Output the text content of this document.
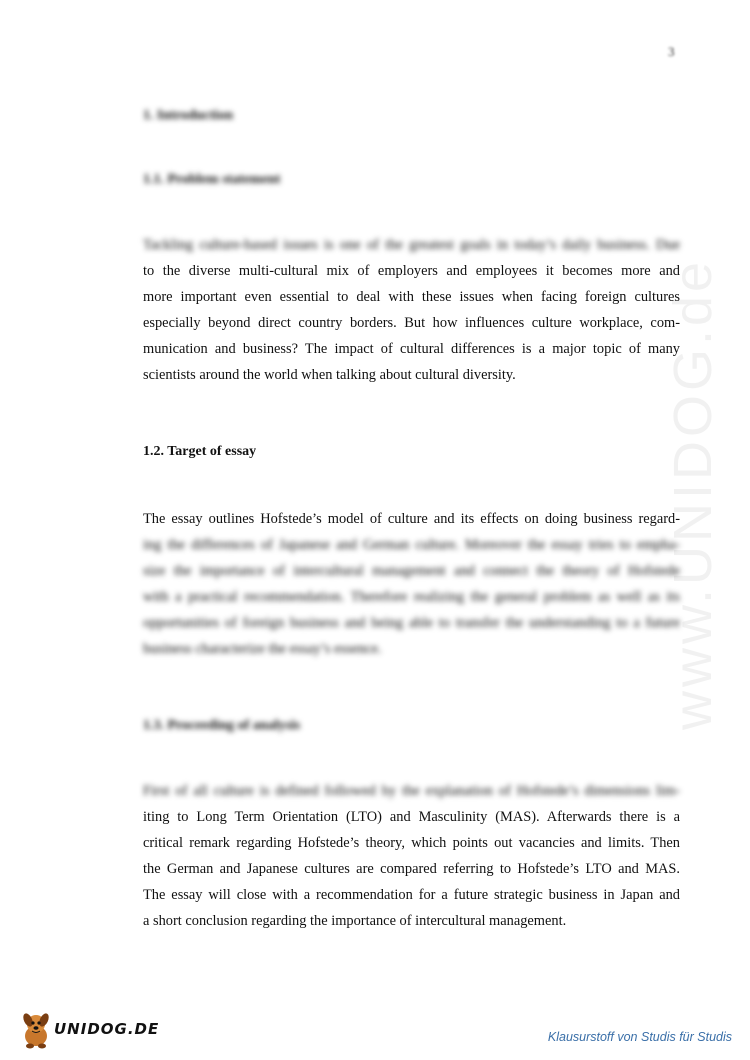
3
www.UNIDOG.de
1. Introduction
1.1. Problem statement
Tackling culture-based issues is one of the greatest goals in today’s daily business. Due
to the diverse multi-cultural mix of employers and employees it becomes more and
more important even essential to deal with these issues when facing foreign cultures
especially beyond direct country borders. But how influences culture workplace, com-
munication and business? The impact of cultural differences is a major topic of many
scientists around the world when talking about cultural diversity.
1.2. Target of essay
The essay outlines Hofstede’s model of culture and its effects on doing business regard-
ing the differences of Japanese and German culture. Moreover the essay tries to empha-
size the importance of intercultural management and connect the theory of Hofstede
with a practical recommendation. Therefore realizing the general problem as well as its
opportunities of foreign business and being able to transfer the understanding to a future
business characterize the essay’s essence.
1.3. Proceeding of analysis
First of all culture is defined followed by the explanation of Hofstede’s dimensions lim-
iting to Long Term Orientation (LTO) and Masculinity (MAS). Afterwards there is a
critical remark regarding Hofstede’s theory, which points out vacancies and limits. Then
the German and Japanese cultures are compared referring to Hofstede’s LTO and MAS.
The essay will close with a recommendation for a future strategic business in Japan and
a short conclusion regarding the importance of intercultural management.
UNIDOG.DE	Klausurstoff von Studis für Studis
